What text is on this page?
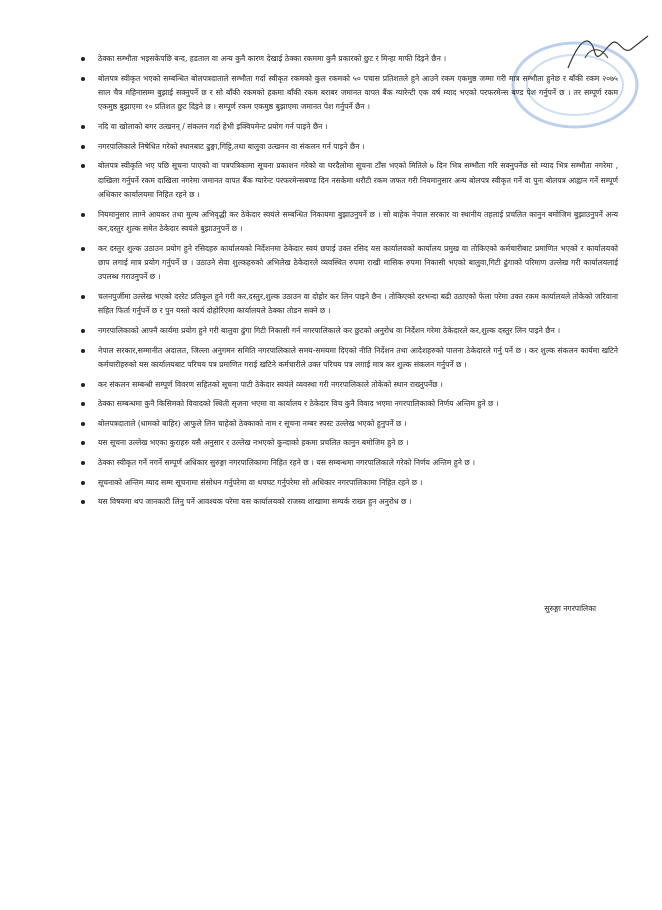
ठेक्का सम्भौता भइसकेपछि बन्द, हडताल वा अन्य कुनै कारण देखाई ठेक्का रकममा कुनै प्रकारको छुट र मिन्हा माफी दिइने छैन ।
बोलपत्र स्वीकृत भएको सम्बन्धित बोलपत्रदाताले सम्भौता गर्दा स्वीकृत रकमको कुल रकमको ५० पचास प्रतिशतले हुने आउने रकम एकमुष्ठ जम्मा गरी मात्र सम्भौता हुनेछ र बाँकी रकम २०७५ साल चैत्र महिनासम्म बुझाई सक्नुपर्ने छ र सो बाँकी रकमको हकमा बाँकी रकम बराबर जमानत वापत बैंक ग्यारेन्टी एक वर्ष म्याद भएको परफरमेन्स बण्ड पेश गर्नुपर्ने छ । तर सम्पूर्ण रकम एकमुष्ठ बुझाएमा १० प्रतिशत छुट दिइने छ । सम्पूर्ण रकम एकमुष्ठ बुझाएमा जमानत पेश गर्नुपर्ने छैन ।
नदि वा खोलाको बगर उत्खनन् / संकलन गर्दा हेभी इक्विपमेन्ट प्रयोग गर्न पाइने छैन ।
नगरपालिकाले निषेधित गरेको स्थानबाट ढुङ्गा,गिट्टि,तथा बालुवा उत्खनन वा संकलन गर्न पाइने छैन ।
बोलपत्र स्वीकृति भए पछि सूचना पाएको वा पत्रपत्रिकामा सूचना प्रकाशन गरेको वा घरदैलोमा सूचना टाँस भएको मितिले ७ दिन भित्र सम्भौता गरि सक्नुपर्नेछ सो म्याद भित्र सम्भौता नगरेमा , दाखिला गर्नुपर्ने रकम दाखिला नगरेमा जमानत वापत बैंक ग्यारेन्ट परफरमेन्सबण्ड दिन नसकेमा धरौटी रकम जफत गरी नियमानुसार अन्य बोलपत्र स्वीकृत गर्ने वा पुनः बोलपत्र आह्वान गर्ने सम्पूर्ण अधिकार कार्यालयमा निहित रहने छ ।
नियमानुसार लाग्ने आयकर तथा मुल्य अभिवृद्धी कर ठेकेदार स्वयंले सम्बन्धित निकायमा बुझाउनुपर्ने छ । सो बाहेक नेपाल सरकार वा स्थानीय तहलाई प्रचलित कानुन बमोजिम बुझाउनुपर्ने अन्य कर,दस्तुर शुल्क समेत ठेकेदार स्वयंले बुझाउनुपर्ने छ ।
कर दस्तुर शुल्क उठाउन प्रयोग हुने रसिदहरु कार्यालयको निर्देशनमा ठेकेदार स्वयं छपाई उक्त रसिद यस कार्यालयको कार्यालय प्रमुख वा तोकिएको कर्मचारीबाट प्रमाणित भएको र कार्यालयको छाप लगाई मात्र प्रयोग गर्नुपर्ने छ । उठाउने सेवा शुल्कहरुको अभिलेख ठेकेदारले व्यवस्थित रुपमा राखी मासिक रुपमा निकासी भएको बालुवा,गिटी ढुंगाको परिमाण उल्लेख गरी कार्यालयलाई उपलब्ध गराउनुपर्ने छ ।
चलनपुर्जीमा उल्लेख भएको दररेट प्रतिकूल हुने गरी कर,दस्तुर,शुल्क उठाउन वा दोहोर कर लिन पाइने छैन । तोकिएको दरभन्दा बढी उठाएको फेला परेमा उक्त रकम कार्यालयले तोकेको जरिवाना सहित फिर्ता गर्नुपर्ने छ र पुन यस्तो कार्य दोहोरिएमा कार्यालयले ठेक्का तोडन सक्ने छ ।
नगरपालिकाको आफ्नै कार्यमा प्रयोग हुने गरी बालुवा ढुंगा गिटी निकासी गर्न नगरपालिकाले कर छुटको अनुरोध वा निर्देशन गरेमा ठेकेदारले कर,शुल्क दस्तुर लिन पाइने छैन ।
नेपाल सरकार,सम्मानीत अदालत, जिल्ला अनुगमन समिति नगरपालिकाले समय-समयमा दिएको नीति निर्देशन तथा आदेशहरुको पालना ठेकेदारले गर्नु पर्ने छ । कर शुल्क संकलन कार्यमा खटिने कर्मचारीहरुको यस कार्यालयबाट परिचय पत्र प्रमाणित गराई खटिने कर्मचारीले उक्त परिचय पत्र लगाई मात्र कर शुल्क संकलन गर्नुपर्ने छ ।
कर संकलन सम्बन्धी सम्पूर्ण विवरण सहितको सूचना पाटी ठेकेदार स्वयंले व्यवस्था गरी नगरपालिकाले तोकेको स्थान राख्नुपर्नेछ ।
ठेक्का सम्बन्धमा कुनै किसिमको विवादको स्थिती सृजना भएमा वा कार्यालय र ठेकेदार विच कुनै विवाद भएमा नगरपालिकाको निर्णय अन्तिम हुने छ ।
बोलपत्रदाताले (धामको बाहिर) आफुले लिन चाहेको ठेक्काको नाम र सूचना नम्बर स्पस्ट उल्लेख भएको हुनुपर्ने छ ।
यस सूचना उल्लेख भएका कुराहरु यसै अनुसार र उल्लेख नभएको कुन्दाको हकमा प्रचलित कानुन बमोजिम हुने छ ।
ठेक्का स्वीकृत गर्ने नगर्ने सम्पूर्ण अधिकार सुरुङ्गा नगरपालिकामा निहित रहने छ । यस सम्बन्धमा नगरपालिकाले गरेको निर्णय अन्तिम हुने छ ।
सूचनाको अन्तिम म्याद सम्म सूचनामा संसोधन गर्नुपरेमा वा थपघट गर्नुपरेमा सो अधिकार नगरपालिकामा निहित रहने छ ।
यस विषयमा थप जानकारी लिनु पर्ने आवश्यक परेमा यस कार्यालयको राजस्व शाखामा सम्पर्क राख्न हुन अनुरोध छ ।
सुरुङ्गा नगरपालिका
